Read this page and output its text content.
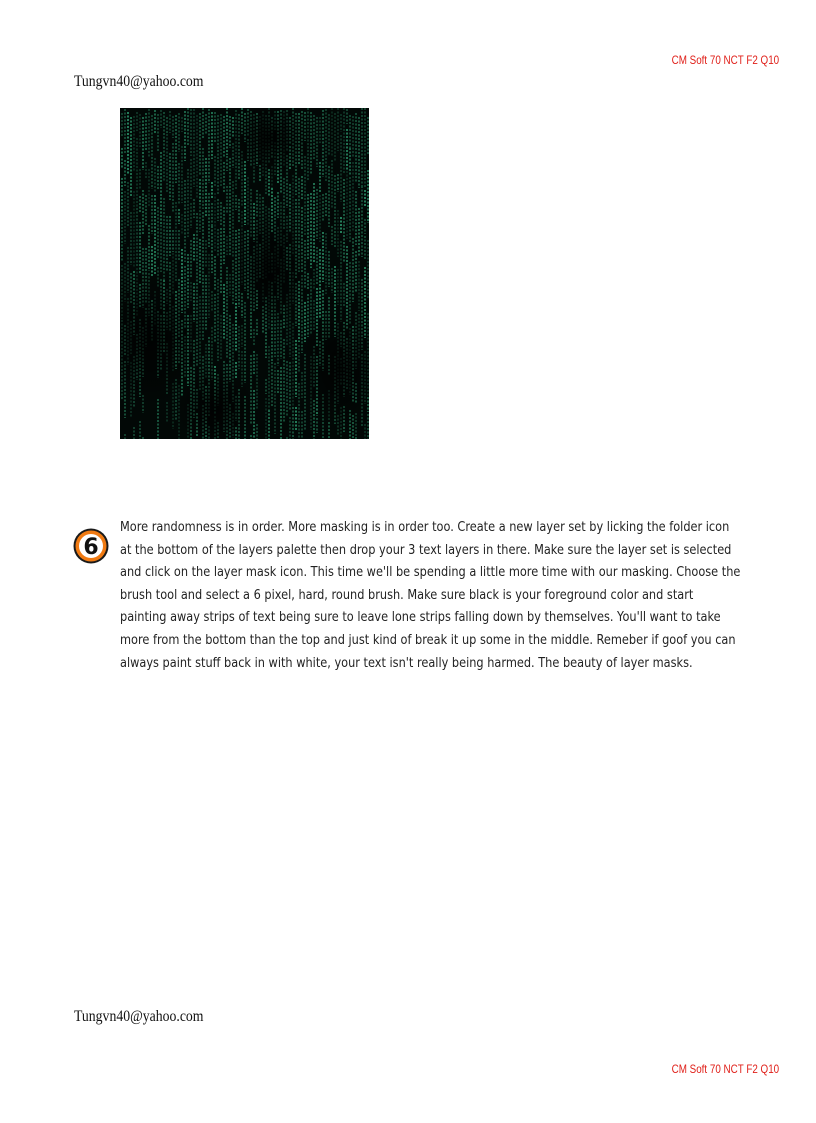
CM Soft 70 NCT F2 Q10
Tungvn40@yahoo.com
6
More randomness is in order. More masking is in order too. Create a new layer set by licking the folder icon at the bottom of the layers palette then drop your 3 text layers in there. Make sure the layer set is selected and click on the layer mask icon. This time we'll be spending a little more time with our masking. Choose the brush tool and select a 6 pixel, hard, round brush. Make sure black is your foreground color and start painting away strips of text being sure to leave lone strips falling down by themselves. You'll want to take more from the bottom than the top and just kind of break it up some in the middle. Remeber if goof you can always paint stuff back in with white, your text isn't really being harmed. The beauty of layer masks.
Tungvn40@yahoo.com
CM Soft 70 NCT F2 Q10
